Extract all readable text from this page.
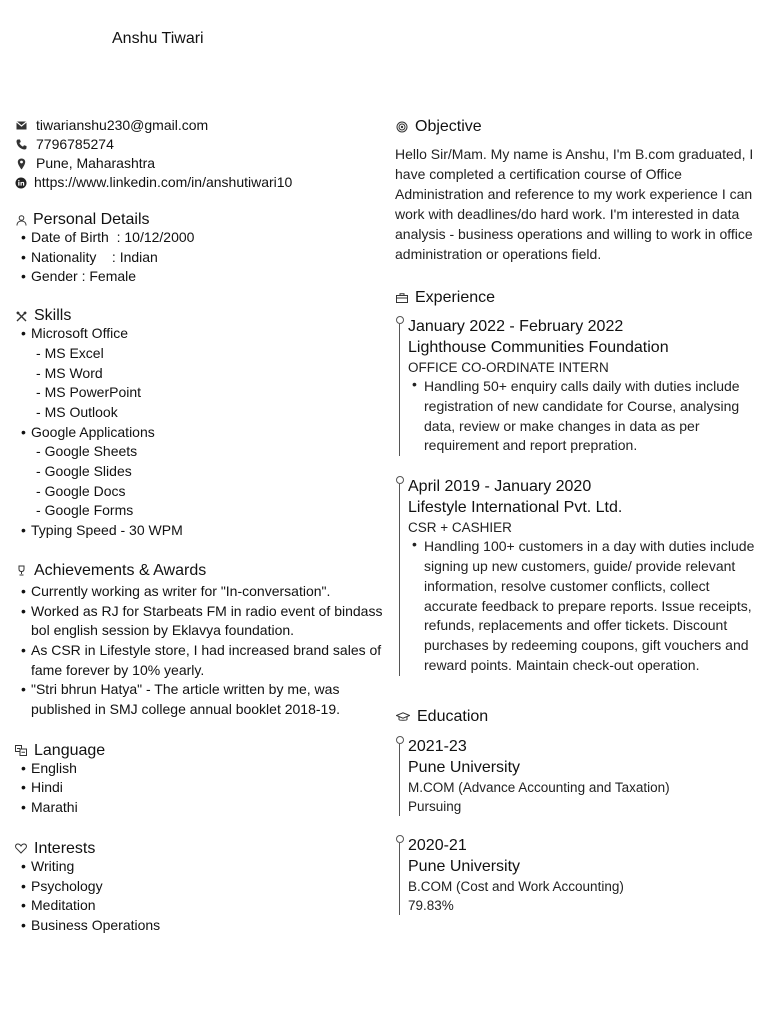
Anshu Tiwari
tiwarianshu230@gmail.com
7796785274
Pune, Maharashtra
https://www.linkedin.com/in/anshutiwari10
Personal Details
• Date of Birth  : 10/12/2000
• Nationality    : Indian
• Gender : Female
Skills
• Microsoft Office
- MS Excel
- MS Word
- MS PowerPoint
- MS Outlook
• Google Applications
- Google Sheets
- Google Slides
- Google Docs
- Google Forms
• Typing Speed - 30 WPM
Achievements & Awards
• Currently working as writer for "In-conversation".
• Worked as RJ for Starbeats FM in radio event of bindass bol english session by Eklavya foundation.
• As CSR in Lifestyle store, I had increased brand sales of fame forever by 10% yearly.
• "Stri bhrun Hatya" - The article written by me, was published in SMJ college annual booklet 2018-19.
Language
• English
• Hindi
• Marathi
Interests
• Writing
• Psychology
• Meditation
• Business Operations
Objective
Hello Sir/Mam. My name is Anshu, I'm B.com graduated, I have completed a certification course of Office Administration and reference to my work experience I can work with deadlines/do hard work. I'm interested in data analysis - business operations and willing to work in office administration or operations field.
Experience
January 2022 - February 2022
Lighthouse Communities Foundation
OFFICE CO-ORDINATE INTERN
• Handling 50+ enquiry calls daily with duties include registration of new candidate for Course, analysing data, review or make changes in data as per requirement and report prepration.
April 2019 - January 2020
Lifestyle International Pvt. Ltd.
CSR + CASHIER
• Handling 100+ customers in a day with duties include signing up new customers, guide/ provide relevant information, resolve customer conflicts, collect accurate feedback to prepare reports. Issue receipts, refunds, replacements and offer tickets. Discount purchases by redeeming coupons, gift vouchers and reward points. Maintain check-out operation.
Education
2021-23
Pune University
M.COM (Advance Accounting and Taxation)
Pursuing
2020-21
Pune University
B.COM (Cost and Work Accounting)
79.83%
